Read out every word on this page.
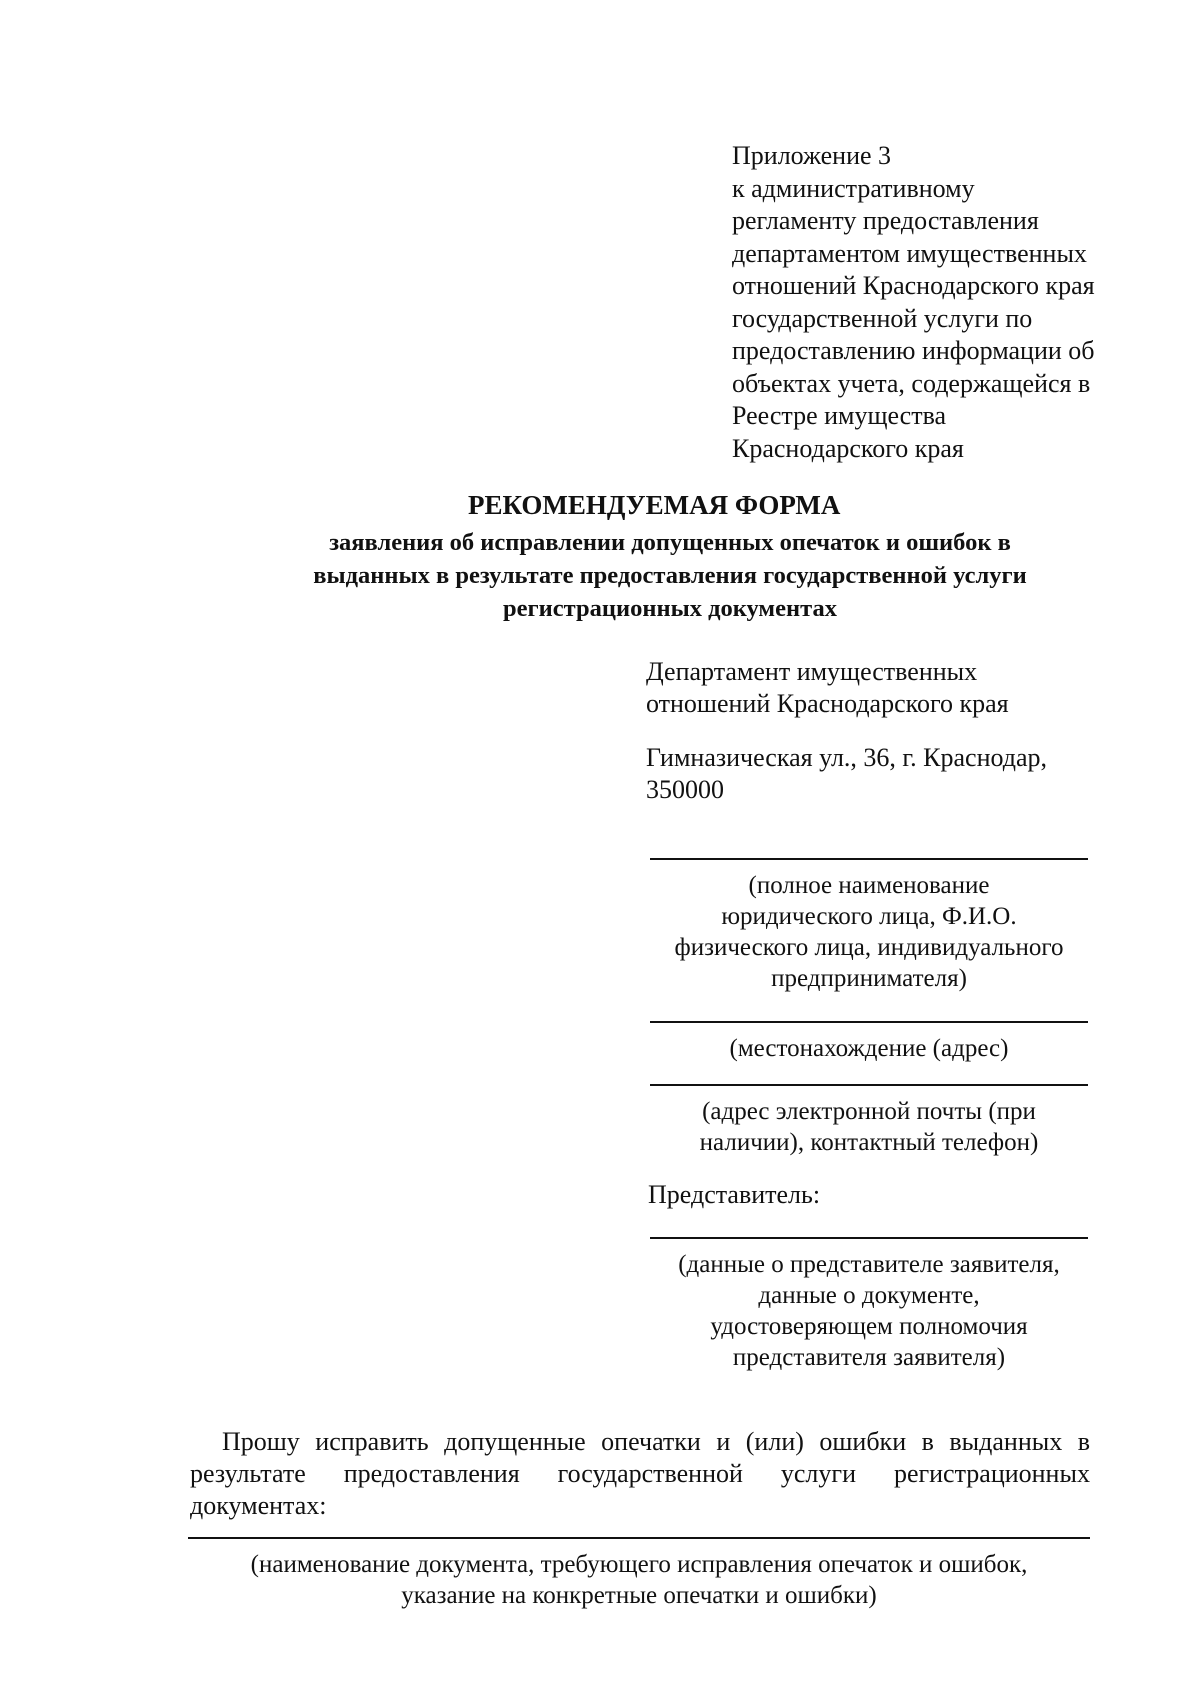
Приложение 3
к административному
регламенту предоставления
департаментом имущественных
отношений Краснодарского края
государственной услуги по
предоставлению информации об
объектах учета, содержащейся в
Реестре имущества
Краснодарского края
РЕКОМЕНДУЕМАЯ ФОРМА
заявления об исправлении допущенных опечаток и ошибок в
выданных в результате предоставления государственной услуги
регистрационных документах
Департамент имущественных
отношений Краснодарского края
Гимназическая ул., 36, г. Краснодар,
350000
(полное наименование
юридического лица, Ф.И.О.
физического лица, индивидуального
предпринимателя)
(местонахождение (адрес)
(адрес электронной почты (при
наличии), контактный телефон)
Представитель:
(данные о представителе заявителя,
данные о документе,
удостоверяющем полномочия
представителя заявителя)
Прошу исправить допущенные опечатки и (или) ошибки в выданных в
результате предоставления государственной услуги регистрационных
документах:
(наименование документа, требующего исправления опечаток и ошибок,
указание на конкретные опечатки и ошибки)
